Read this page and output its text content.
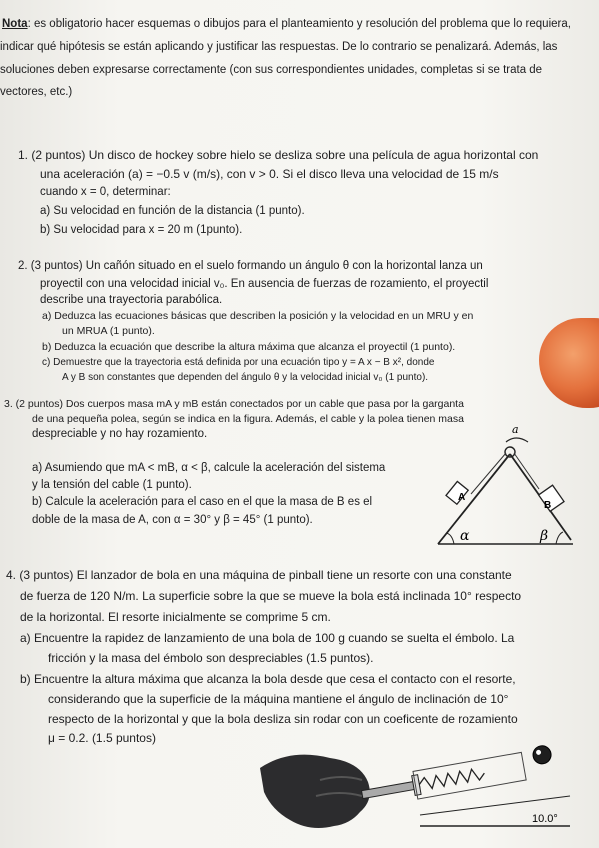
Nota: es obligatorio hacer esquemas o dibujos para el planteamiento y resolución del problema que lo requiera,
indicar qué hipótesis se están aplicando y justificar las respuestas. De lo contrario se penalizará. Además, las
soluciones deben expresarse correctamente (con sus correspondientes unidades, completas si se trata de
vectores, etc.)
1. (2 puntos) Un disco de hockey sobre hielo se desliza sobre una película de agua horizontal con
una aceleración (a) = −0.5 v (m/s), con v > 0. Si el disco lleva una velocidad de 15 m/s
cuando x = 0, determinar:
a) Su velocidad en función de la distancia (1 punto).
b) Su velocidad para x = 20 m (1punto).
2. (3 puntos) Un cañón situado en el suelo formando un ángulo θ con la horizontal lanza un
proyectil con una velocidad inicial v₀. En ausencia de fuerzas de rozamiento, el proyectil
describe una trayectoria parabólica.
a) Deduzca las ecuaciones básicas que describen la posición y la velocidad en un MRU y en
un MRUA (1 punto).
b) Deduzca la ecuación que describe la altura máxima que alcanza el proyectil (1 punto).
c) Demuestre que la trayectoria está definida por una ecuación tipo y = A x − B x², donde
A y B son constantes que dependen del ángulo θ y la velocidad inicial v₀ (1 punto).
3. (2 puntos) Dos cuerpos masa mA y mB están conectados por un cable que pasa por la garganta
de una pequeña polea, según se indica en la figura. Además, el cable y la polea tienen masa
despreciable y no hay rozamiento.
a) Asumiendo que mA < mB, α < β, calcule la aceleración del sistema
y la tensión del cable (1 punto).
b) Calcule la aceleración para el caso en el que la masa de B es el
doble de la masa de A, con α = 30° y β = 45° (1 punto).
A
B
a
α	β
4. (3 puntos) El lanzador de bola en una máquina de pinball tiene un resorte con una constante
de fuerza de 120 N/m. La superficie sobre la que se mueve la bola está inclinada 10° respecto
de la horizontal. El resorte inicialmente se comprime 5 cm.
a) Encuentre la rapidez de lanzamiento de una bola de 100 g cuando se suelta el émbolo. La
fricción y la masa del émbolo son despreciables (1.5 puntos).
b) Encuentre la altura máxima que alcanza la bola desde que cesa el contacto con el resorte,
considerando que la superficie de la máquina mantiene el ángulo de inclinación de 10°
respecto de la horizontal y que la bola desliza sin rodar con un coeficente de rozamiento
μ = 0.2. (1.5 puntos)
10.0°
